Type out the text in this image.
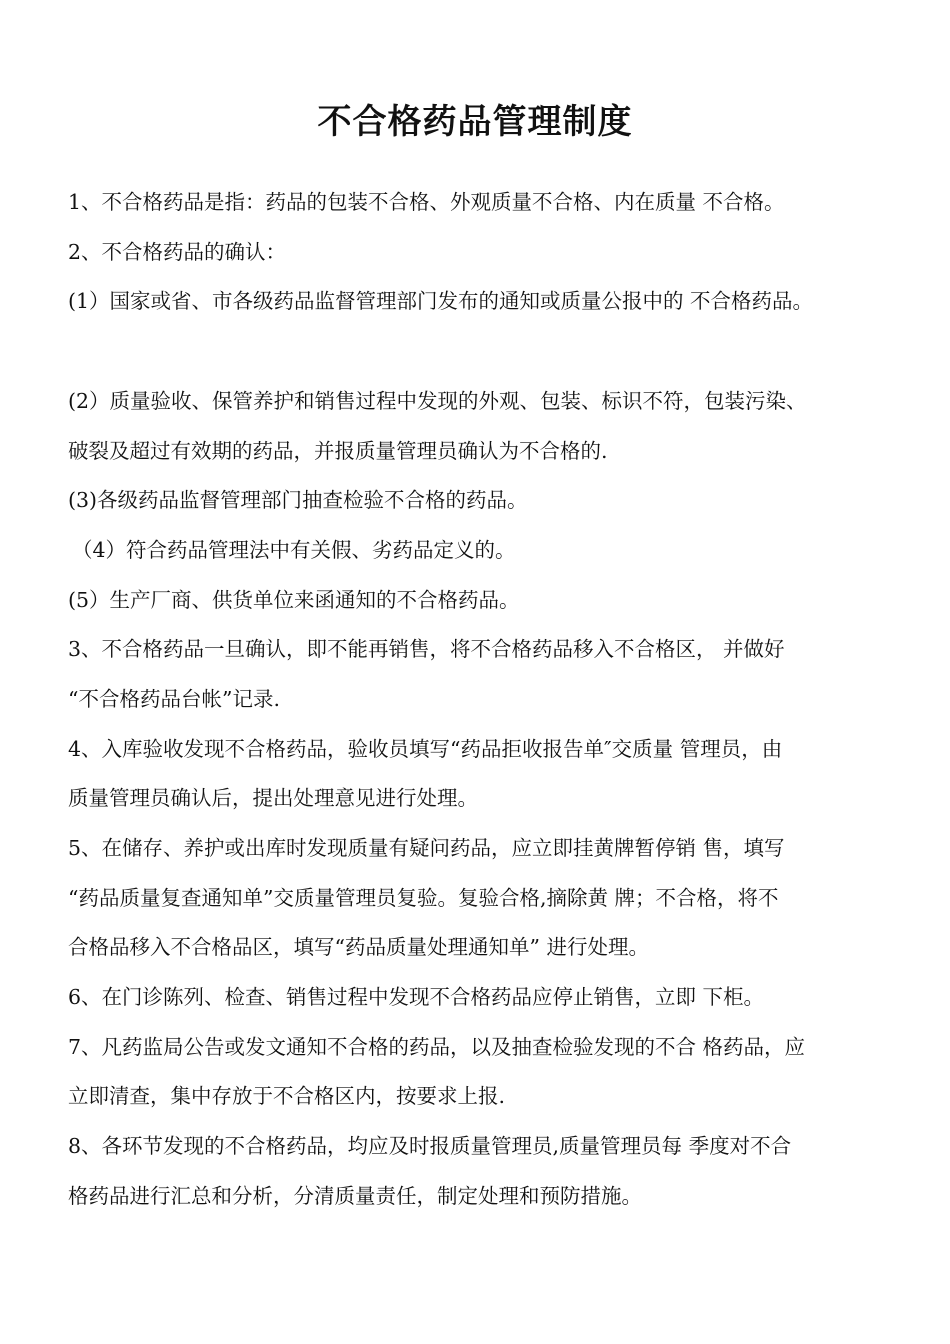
不合格药品管理制度
1、不合格药品是指：药品的包装不合格、外观质量不合格、内在质量 不合格。
2、不合格药品的确认：
(1）国家或省、市各级药品监督管理部门发布的通知或质量公报中的 不合格药品。
(2）质量验收、保管养护和销售过程中发现的外观、包装、标识不符，包装污染、
破裂及超过有效期的药品，并报质量管理员确认为不合格的.
(3)各级药品监督管理部门抽查检验不合格的药品。
（4）符合药品管理法中有关假、劣药品定义的。
(5）生产厂商、供货单位来函通知的不合格药品。
3、不合格药品一旦确认，即不能再销售，将不合格药品移入不合格区， 并做好
“不合格药品台帐”记录.
4、入库验收发现不合格药品，验收员填写“药品拒收报告单″交质量 管理员，由
质量管理员确认后，提出处理意见进行处理。
5、在储存、养护或出库时发现质量有疑问药品，应立即挂黄牌暂停销 售，填写
“药品质量复查通知单”交质量管理员复验。复验合格,摘除黄 牌；不合格，将不
合格品移入不合格品区，填写“药品质量处理通知单” 进行处理。
6、在门诊陈列、检查、销售过程中发现不合格药品应停止销售，立即 下柜。
7、凡药监局公告或发文通知不合格的药品，以及抽查检验发现的不合 格药品，应
立即清查，集中存放于不合格区内，按要求上报.
8、各环节发现的不合格药品，均应及时报质量管理员,质量管理员每 季度对不合
格药品进行汇总和分析，分清质量责任，制定处理和预防措施。
